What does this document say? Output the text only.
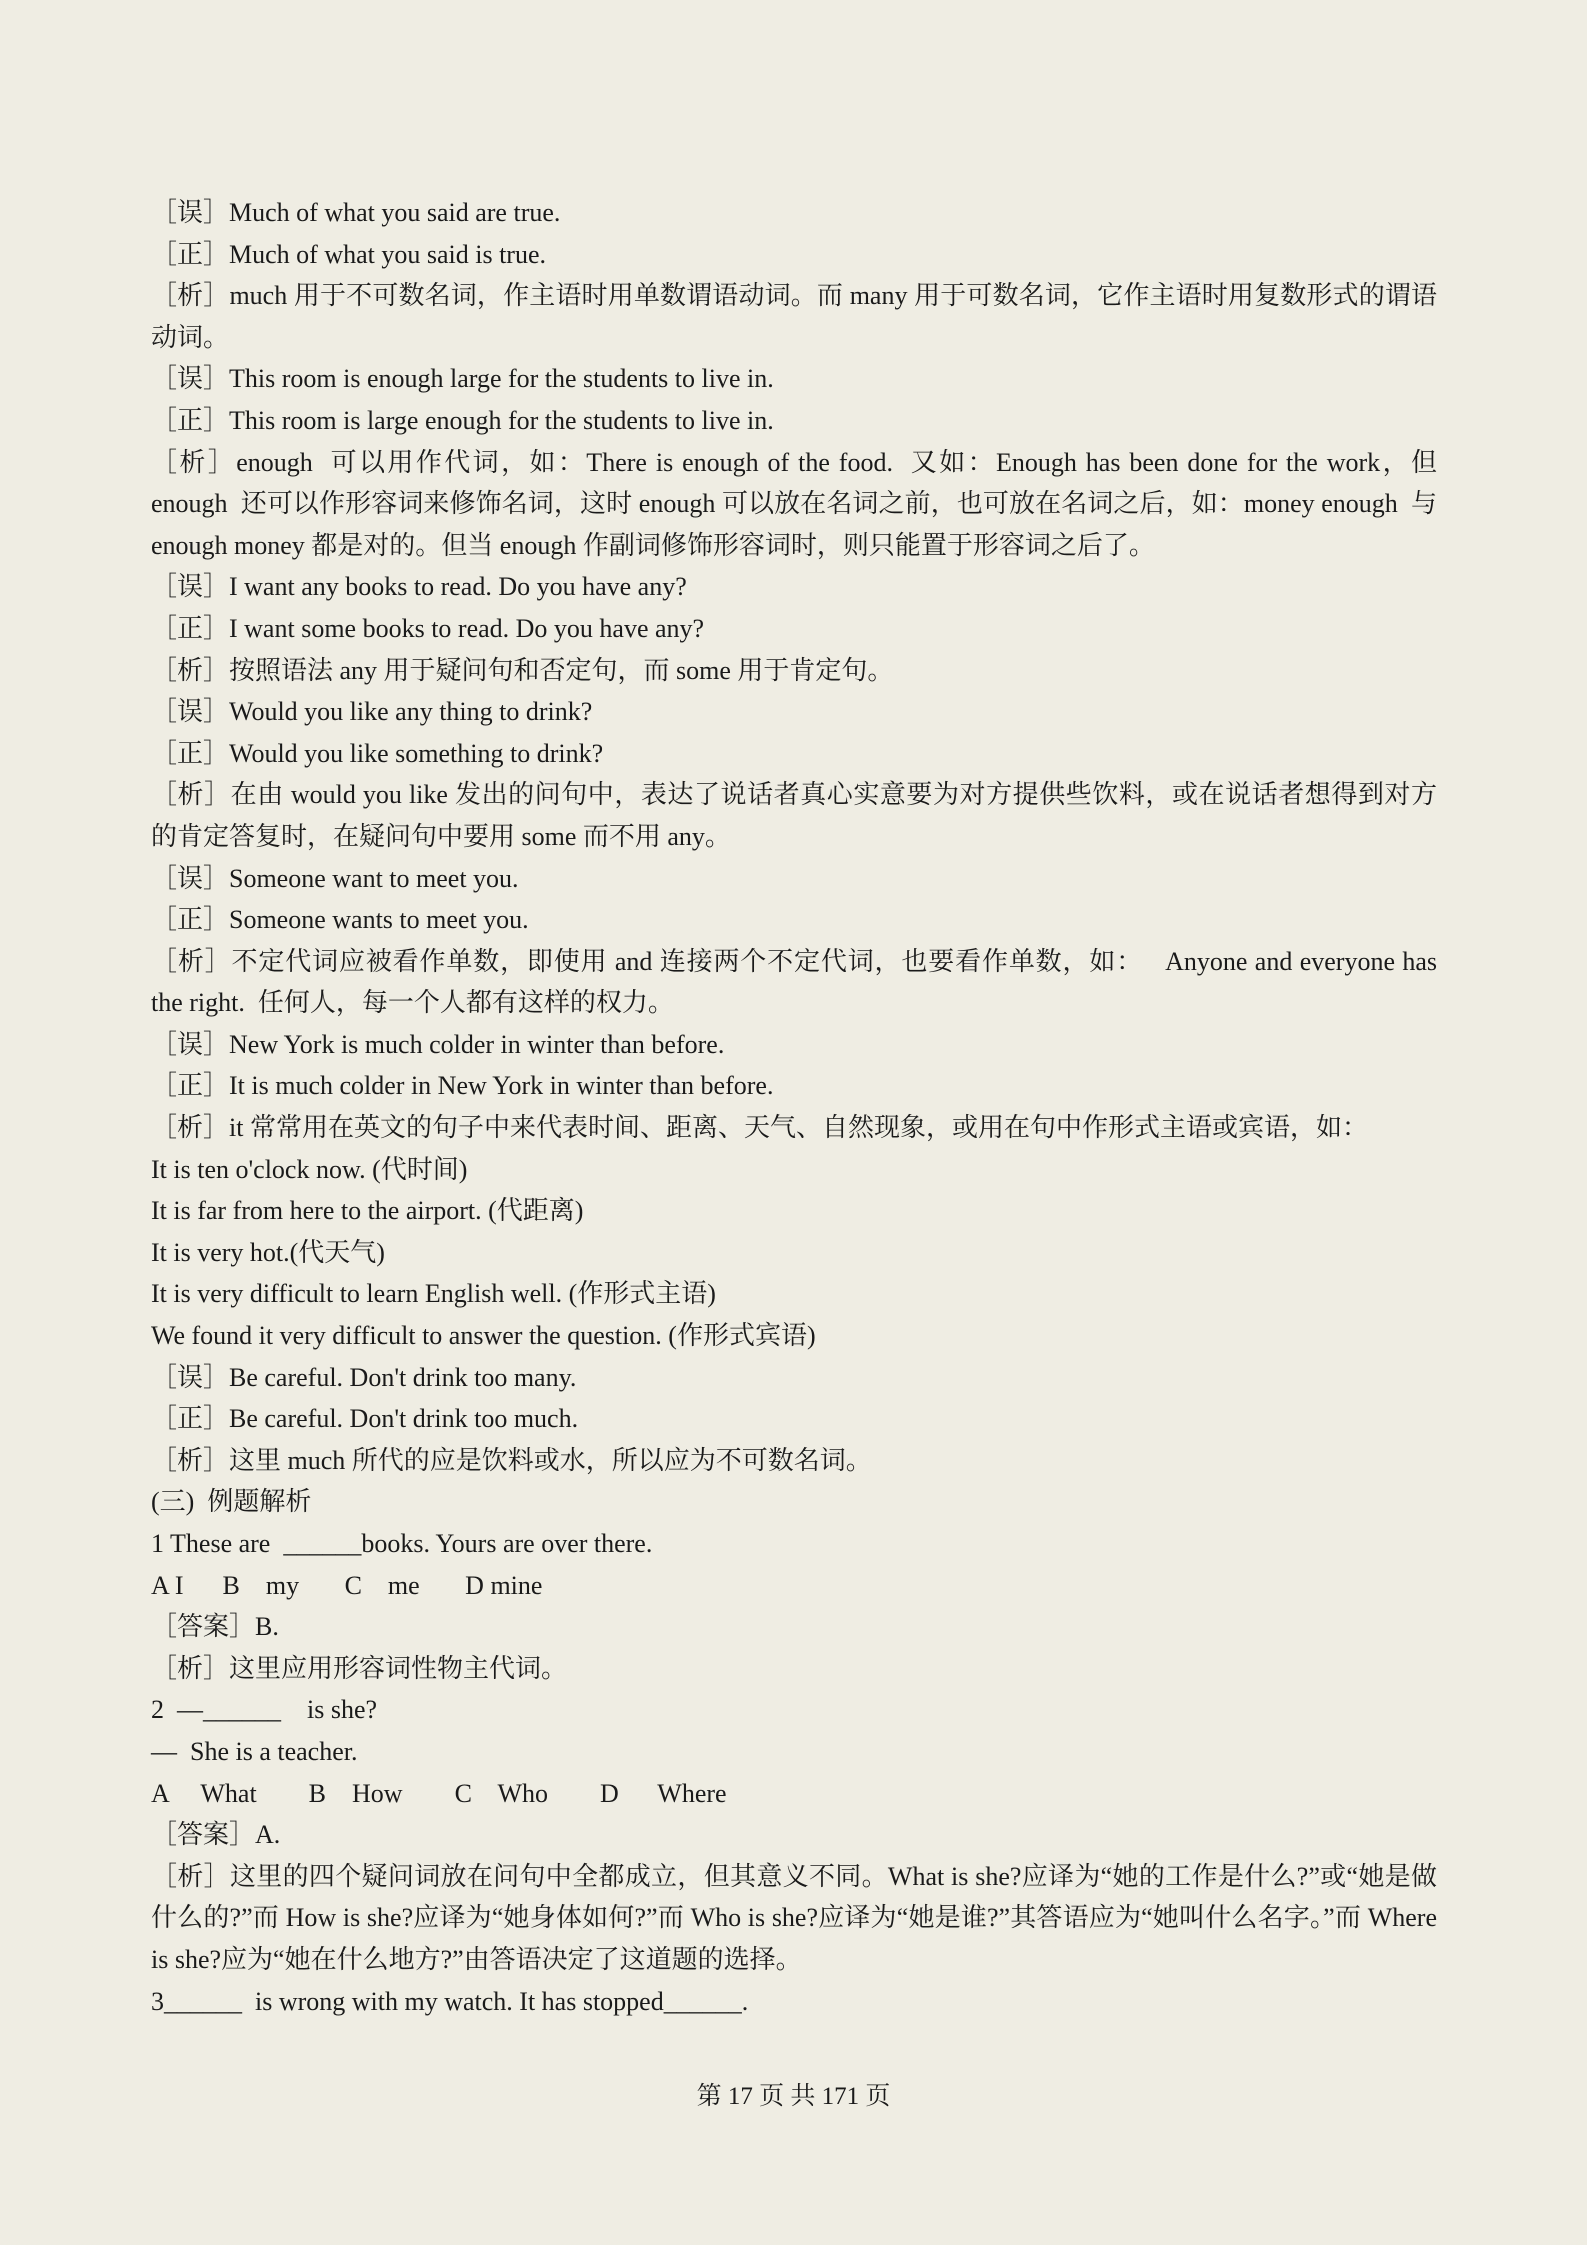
［误］Much of what you said are true.
［正］Much of what you said is true.
［析］much 用于不可数名词，作主语时用单数谓语动词。而 many 用于可数名词，它作主语时用复数形式的谓语动词。
［误］This room is enough large for the students to live in.
［正］This room is large enough for the students to live in.
［析］enough  可以用作代词，如：There is enough of the food.  又如：Enough has been done for the work，但 enough  还可以作形容词来修饰名词，这时 enough 可以放在名词之前，也可放在名词之后，如：money enough  与 enough money 都是对的。但当 enough 作副词修饰形容词时，则只能置于形容词之后了。
［误］I want any books to read. Do you have any?
［正］I want some books to read. Do you have any?
［析］按照语法 any 用于疑问句和否定句，而 some 用于肯定句。
［误］Would you like any thing to drink?
［正］Would you like something to drink?
［析］在由 would you like 发出的问句中，表达了说话者真心实意要为对方提供些饮料，或在说话者想得到对方的肯定答复时，在疑问句中要用 some 而不用 any。
［误］Someone want to meet you.
［正］Someone wants to meet you.
［析］不定代词应被看作单数，即使用 and 连接两个不定代词，也要看作单数，如：   Anyone and everyone has the right.  任何人，每一个人都有这样的权力。
［误］New York is much colder in winter than before.
［正］It is much colder in New York in winter than before.
［析］it 常常用在英文的句子中来代表时间、距离、天气、自然现象，或用在句中作形式主语或宾语，如：
It is ten o'clock now. (代时间)
It is far from here to the airport. (代距离)
It is very hot.(代天气)
It is very difficult to learn English well. (作形式主语)
We found it very difficult to answer the question. (作形式宾语)
［误］Be careful. Don't drink too many.
［正］Be careful. Don't drink too much.
［析］这里 much 所代的应是饮料或水，所以应为不可数名词。
(三)  例题解析
1 These are  ______books. Yours are over there.
A I      B    my       C    me       D mine
［答案］B.
［析］这里应用形容词性物主代词。
2  —______    is she?
—  She is a teacher.
A     What        B    How        C    Who        D      Where
［答案］A.
［析］这里的四个疑问词放在问句中全都成立，但其意义不同。What is she?应译为“她的工作是什么?”或“她是做什么的?”而 How is she?应译为“她身体如何?”而 Who is she?应译为“她是谁?”其答语应为“她叫什么名字。”而 Where is she?应为“她在什么地方?”由答语决定了这道题的选择。
3______  is wrong with my watch. It has stopped______.
第 17 页 共 171 页
